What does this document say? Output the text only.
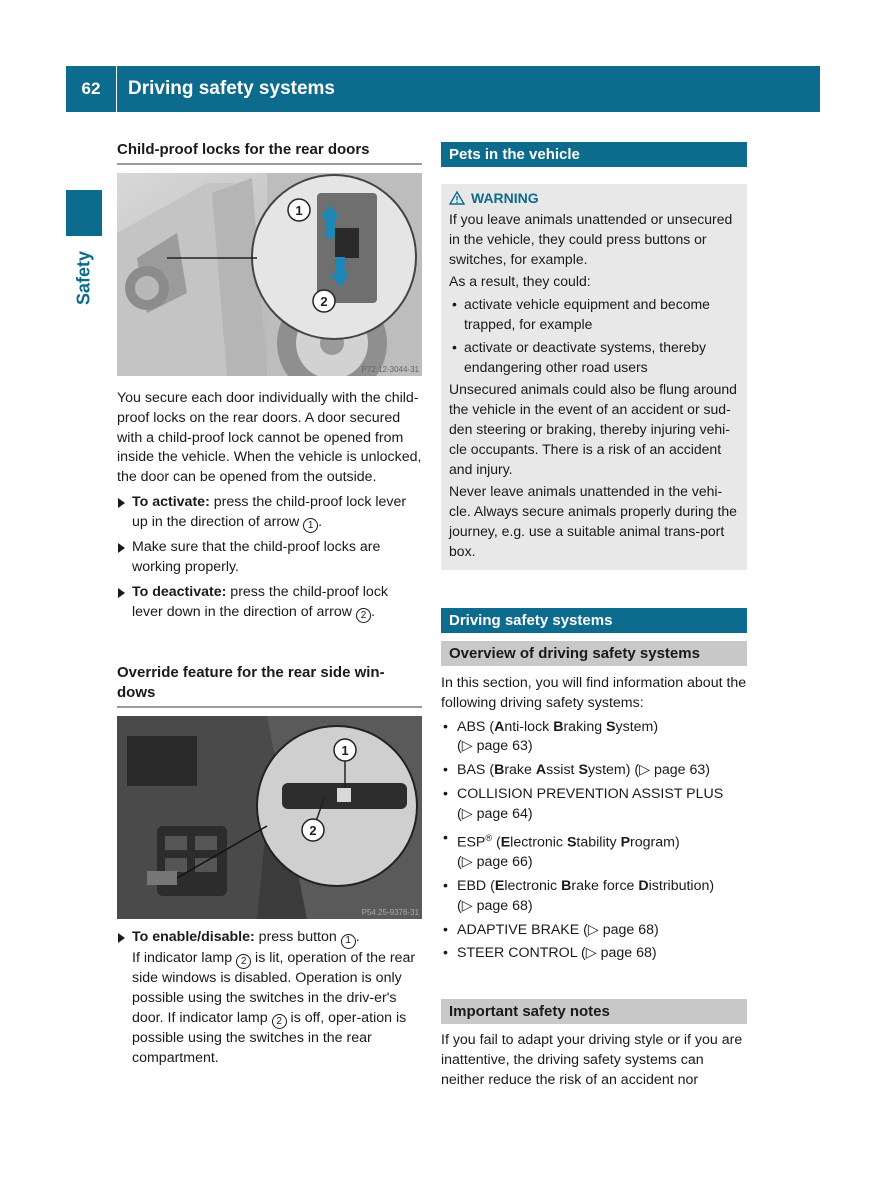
62	Driving safety systems
Safety
Child-proof locks for the rear doors
1
2
P72.12-3044-31

You secure each door individually with the child-proof locks on the rear doors. A door secured with a child-proof lock cannot be opened from inside the vehicle. When the vehicle is unlocked, the door can be opened from the outside.

To activate: press the child-proof lock lever up in the direction of arrow 1 .

Make sure that the child-proof locks are working properly.

To deactivate: press the child-proof lock lever down in the direction of arrow 2 .

Override feature for the rear side win-dows
1
2
P54.25-9376-31

To enable/disable: press button 1 .

If indicator lamp 2 is lit, operation of the rear side windows is disabled. Operation is only possible using the switches in the driv-er's door. If indicator lamp 2 is off, oper-ation is possible using the switches in the rear compartment.

Pets in the vehicle
WARNING

If you leave animals unattended or unsecured in the vehicle, they could press buttons or switches, for example.

As a result, they could:

• activate vehicle equipment and become trapped, for example
• activate or deactivate systems, thereby endangering other road users

Unsecured animals could also be flung around the vehicle in the event of an accident or sud-den steering or braking, thereby injuring vehi-cle occupants. There is a risk of an accident and injury.

Never leave animals unattended in the vehi-cle. Always secure animals properly during the journey, e.g. use a suitable animal trans-port box.

Driving safety systems
Overview of driving safety systems

In this section, you will find information about the following driving safety systems:

• ABS (Anti-lock Braking System)
(▷ page 63)
• BAS (Brake Assist System) (▷ page 63)
• COLLISION PREVENTION ASSIST PLUS
(▷ page 64)
• ESP® (Electronic Stability Program)
(▷ page 66)
• EBD (Electronic Brake force Distribution)
(▷ page 68)
• ADAPTIVE BRAKE (▷ page 68)
• STEER CONTROL (▷ page 68)
Important safety notes

If you fail to adapt your driving style or if you are inattentive, the driving safety systems can neither reduce the risk of an accident nor
